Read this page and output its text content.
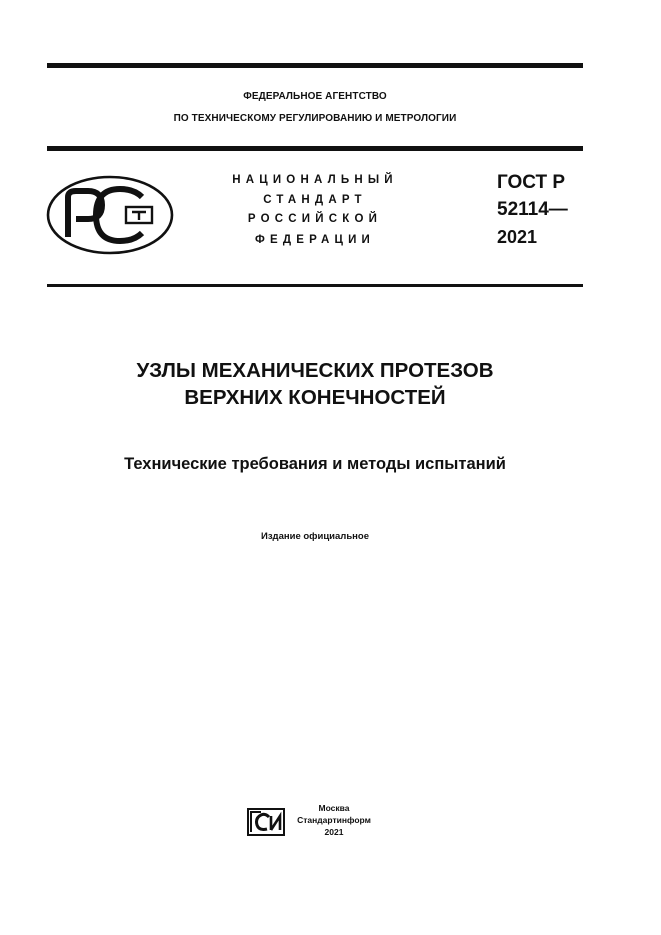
ФЕДЕРАЛЬНОЕ АГЕНТСТВО
ПО ТЕХНИЧЕСКОМУ РЕГУЛИРОВАНИЮ И МЕТРОЛОГИИ
НАЦИОНАЛЬНЫЙ
СТАНДАРТ
РОССИЙСКОЙ
ФЕДЕРАЦИИ
ГОСТ Р
52114—
2021
УЗЛЫ МЕХАНИЧЕСКИХ ПРОТЕЗОВ
ВЕРХНИХ КОНЕЧНОСТЕЙ
Технические требования и методы испытаний
Издание официальное
Москва
Стандартинформ
2021
